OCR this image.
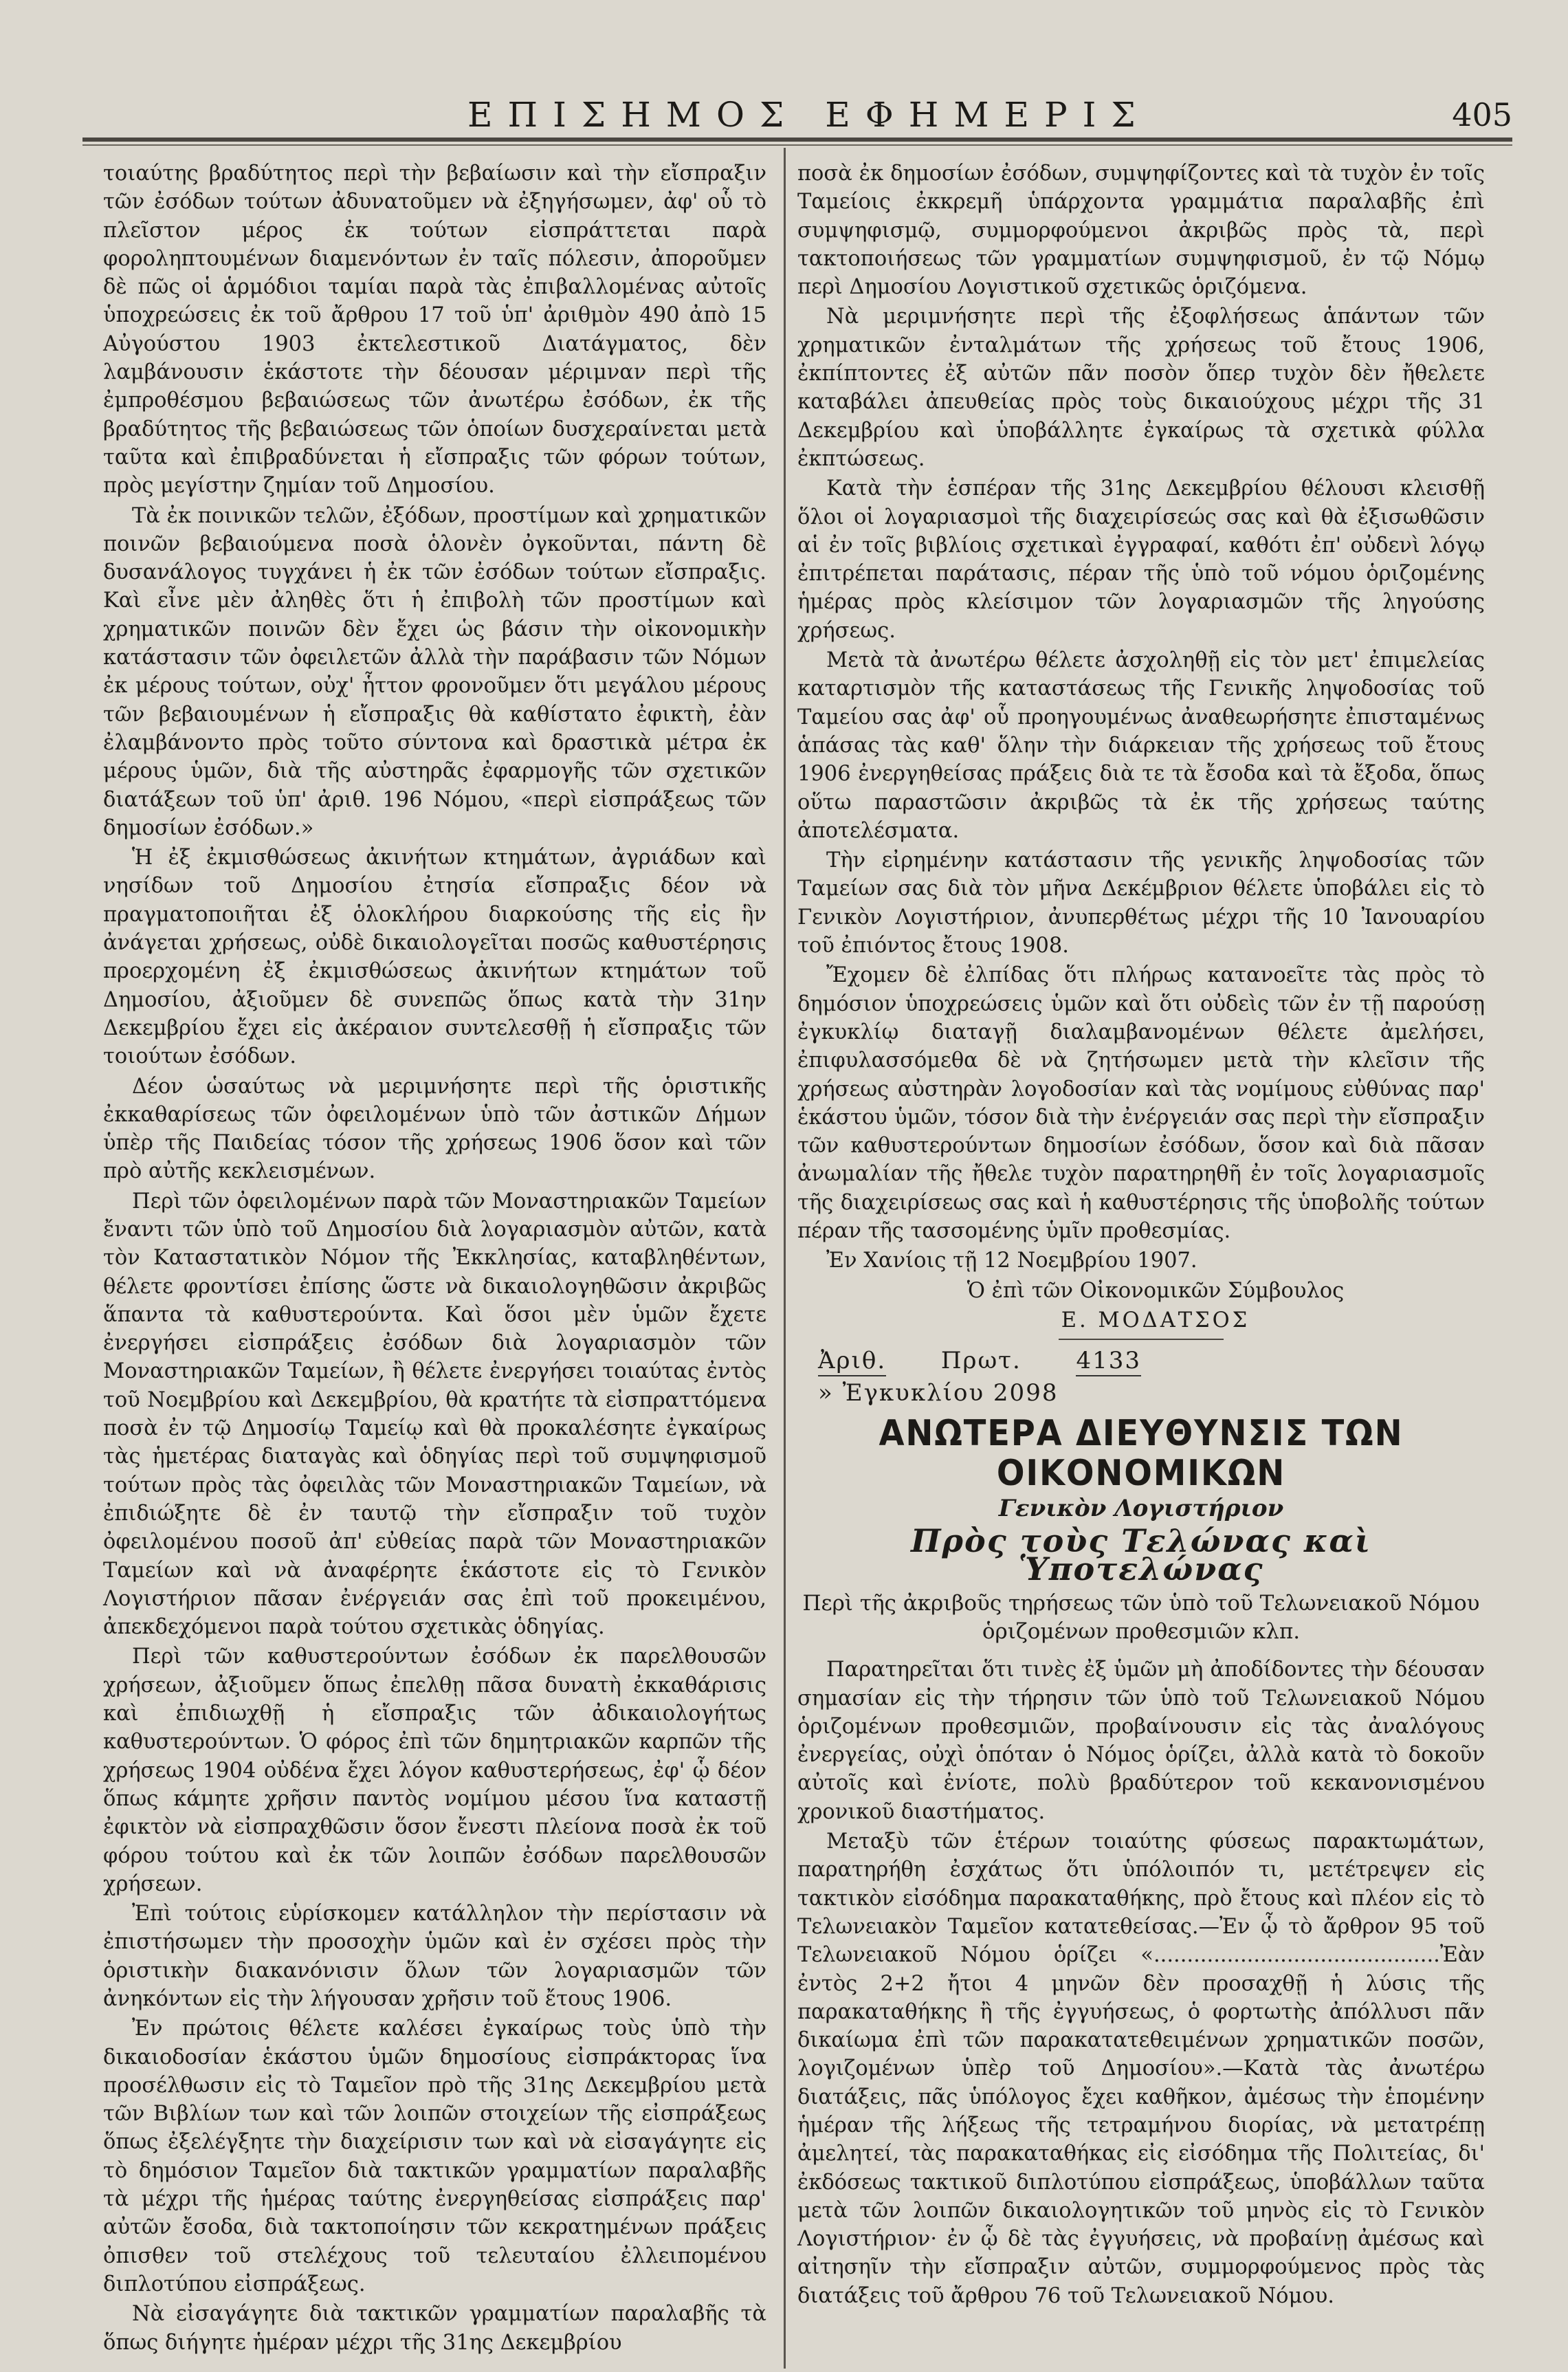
ΕΠΙΣΗΜΟΣ ΕΦΗΜΕΡΙΣ	405

τοιαύτης βραδύτητος περὶ τὴν βεβαίωσιν καὶ τὴν εἴσπραξιν τῶν ἐσόδων τούτων ἀδυνατοῦμεν νὰ ἐξηγήσωμεν, ἀφ' οὗ τὸ πλεῖστον μέρος ἐκ τούτων εἰσπράττεται παρὰ φοροληπτουμένων διαμενόντων ἐν ταῖς πόλεσιν, ἀποροῦμεν δὲ πῶς οἱ ἁρμόδιοι ταμίαι παρὰ τὰς ἐπιβαλλομένας αὐτοῖς ὑποχρεώσεις ἐκ τοῦ ἄρθρου 17 τοῦ ὑπ' ἀριθμὸν 490 ἀπὸ 15 Αὐγούστου 1903 ἐκτελεστικοῦ Διατάγματος, δὲν λαμβάνουσιν ἑκάστοτε τὴν δέουσαν μέριμναν περὶ τῆς ἐμπροθέσμου βεβαιώσεως τῶν ἀνωτέρω ἐσόδων, ἐκ τῆς βραδύτητος τῆς βεβαιώσεως τῶν ὁποίων δυσχεραίνεται μετὰ ταῦτα καὶ ἐπιβραδύνεται ἡ εἴσπραξις τῶν φόρων τούτων, πρὸς μεγίστην ζημίαν τοῦ Δημοσίου.

Τὰ ἐκ ποινικῶν τελῶν, ἐξόδων, προστίμων καὶ χρηματικῶν ποινῶν βεβαιούμενα ποσὰ ὁλονὲν ὀγκοῦνται, πάντη δὲ δυσανάλογος τυγχάνει ἡ ἐκ τῶν ἐσόδων τούτων εἴσπραξις. Καὶ εἶνε μὲν ἀληθὲς ὅτι ἡ ἐπιβολὴ τῶν προστίμων καὶ χρηματικῶν ποινῶν δὲν ἔχει ὡς βάσιν τὴν οἰκονομικὴν κατάστασιν τῶν ὀφειλετῶν ἀλλὰ τὴν παράβασιν τῶν Νόμων ἐκ μέρους τούτων, οὐχ' ἧττον φρονοῦμεν ὅτι μεγάλου μέρους τῶν βεβαιουμένων ἡ εἴσπραξις θὰ καθίστατο ἐφικτὴ, ἐὰν ἐλαμβάνοντο πρὸς τοῦτο σύντονα καὶ δραστικὰ μέτρα ἐκ μέρους ὑμῶν, διὰ τῆς αὐστηρᾶς ἐφαρμογῆς τῶν σχετικῶν διατάξεων τοῦ ὑπ' ἀριθ. 196 Νόμου, «περὶ εἰσπράξεως τῶν δημοσίων ἐσόδων.»

Ἡ ἐξ ἐκμισθώσεως ἀκινήτων κτημάτων, ἀγριάδων καὶ νησίδων τοῦ Δημοσίου ἐτησία εἴσπραξις δέον νὰ πραγματοποιῆται ἐξ ὁλοκλήρου διαρκούσης τῆς εἰς ἣν ἀνάγεται χρήσεως, οὐδὲ δικαιολογεῖται ποσῶς καθυστέρησις προερχομένη ἐξ ἐκμισθώσεως ἀκινήτων κτημάτων τοῦ Δημοσίου, ἀξιοῦμεν δὲ συνεπῶς ὅπως κατὰ τὴν 31ην Δεκεμβρίου ἔχει εἰς ἀκέραιον συντελεσθῇ ἡ εἴσπραξις τῶν τοιούτων ἐσόδων.

Δέον ὡσαύτως νὰ μεριμνήσητε περὶ τῆς ὁριστικῆς ἐκκαθαρίσεως τῶν ὀφειλομένων ὑπὸ τῶν ἀστικῶν Δήμων ὑπὲρ τῆς Παιδείας τόσον τῆς χρήσεως 1906 ὅσον καὶ τῶν πρὸ αὐτῆς κεκλεισμένων.

Περὶ τῶν ὀφειλομένων παρὰ τῶν Μοναστηριακῶν Ταμείων ἔναντι τῶν ὑπὸ τοῦ Δημοσίου διὰ λογαριασμὸν αὐτῶν, κατὰ τὸν Καταστατικὸν Νόμον τῆς Ἐκκλησίας, καταβληθέντων, θέλετε φροντίσει ἐπίσης ὥστε νὰ δικαιολογηθῶσιν ἀκριβῶς ἅπαντα τὰ καθυστερούντα. Καὶ ὅσοι μὲν ὑμῶν ἔχετε ἐνεργήσει εἰσπράξεις ἐσόδων διὰ λογαριασμὸν τῶν Μοναστηριακῶν Ταμείων, ἢ θέλετε ἐνεργήσει τοιαύτας ἐντὸς τοῦ Νοεμβρίου καὶ Δεκεμβρίου, θὰ κρατήτε τὰ εἰσπραττόμενα ποσὰ ἐν τῷ Δημοσίῳ Ταμείῳ καὶ θὰ προκαλέσητε ἐγκαίρως τὰς ἡμετέρας διαταγὰς καὶ ὁδηγίας περὶ τοῦ συμψηφισμοῦ τούτων πρὸς τὰς ὀφειλὰς τῶν Μοναστηριακῶν Ταμείων, νὰ ἐπιδιώξητε δὲ ἐν ταυτῷ τὴν εἴσπραξιν τοῦ τυχὸν ὀφειλομένου ποσοῦ ἀπ' εὐθείας παρὰ τῶν Μοναστηριακῶν Ταμείων καὶ νὰ ἀναφέρητε ἑκάστοτε εἰς τὸ Γενικὸν Λογιστήριον πᾶσαν ἐνέργειάν σας ἐπὶ τοῦ προκειμένου, ἀπεκδεχόμενοι παρὰ τούτου σχετικὰς ὁδηγίας.

Περὶ τῶν καθυστερούντων ἐσόδων ἐκ παρελθουσῶν χρήσεων, ἀξιοῦμεν ὅπως ἐπελθῃ πᾶσα δυνατὴ ἐκκαθάρισις καὶ ἐπιδιωχθῇ ἡ εἴσπραξις τῶν ἀδικαιολογήτως καθυστερούντων. Ὁ φόρος ἐπὶ τῶν δημητριακῶν καρπῶν τῆς χρήσεως 1904 οὐδένα ἔχει λόγον καθυστερήσεως, ἐφ' ᾧ δέον ὅπως κάμητε χρῆσιν παντὸς νομίμου μέσου ἵνα καταστῇ ἐφικτὸν νὰ εἰσπραχθῶσιν ὅσον ἔνεστι πλείονα ποσὰ ἐκ τοῦ φόρου τούτου καὶ ἐκ τῶν λοιπῶν ἐσόδων παρελθουσῶν χρήσεων.

Ἐπὶ τούτοις εὑρίσκομεν κατάλληλον τὴν περίστασιν νὰ ἐπιστήσωμεν τὴν προσοχὴν ὑμῶν καὶ ἐν σχέσει πρὸς τὴν ὁριστικὴν διακανόνισιν ὅλων τῶν λογαριασμῶν τῶν ἀνηκόντων εἰς τὴν λήγουσαν χρῆσιν τοῦ ἔτους 1906.

Ἐν πρώτοις θέλετε καλέσει ἐγκαίρως τοὺς ὑπὸ τὴν δικαιοδοσίαν ἑκάστου ὑμῶν δημοσίους εἰσπράκτορας ἵνα προσέλθωσιν εἰς τὸ Ταμεῖον πρὸ τῆς 31ης Δεκεμβρίου μετὰ τῶν Βιβλίων των καὶ τῶν λοιπῶν στοιχείων τῆς εἰσπράξεως ὅπως ἐξελέγξητε τὴν διαχείρισιν των καὶ νὰ εἰσαγάγητε εἰς τὸ δημόσιον Ταμεῖον διὰ τακτικῶν γραμματίων παραλαβῆς τὰ μέχρι τῆς ἡμέρας ταύτης ἐνεργηθείσας εἰσπράξεις παρ' αὐτῶν ἔσοδα, διὰ τακτοποίησιν τῶν κεκρατημένων πράξεις ὀπισθεν τοῦ στελέχους τοῦ τελευταίου ἐλλειπομένου διπλοτύπου εἰσπράξεως.

Νὰ εἰσαγάγητε διὰ τακτικῶν γραμματίων παραλαβῆς τὰ ὅπως διήγητε ἡμέραν μέχρι τῆς 31ης Δεκεμβρίου

ποσὰ ἐκ δημοσίων ἐσόδων, συμψηφίζοντες καὶ τὰ τυχὸν ἐν τοῖς Ταμείοις ἐκκρεμῆ ὑπάρχοντα γραμμάτια παραλαβῆς ἐπὶ συμψηφισμῷ, συμμορφούμενοι ἀκριβῶς πρὸς τὰ, περὶ τακτοποιήσεως τῶν γραμματίων συμψηφισμοῦ, ἐν τῷ Νόμῳ περὶ Δημοσίου Λογιστικοῦ σχετικῶς ὁριζόμενα.

Νὰ μεριμνήσητε περὶ τῆς ἐξοφλήσεως ἁπάντων τῶν χρηματικῶν ἐνταλμάτων τῆς χρήσεως τοῦ ἔτους 1906, ἐκπίπτοντες ἐξ αὐτῶν πᾶν ποσὸν ὅπερ τυχὸν δὲν ἤθελετε καταβάλει ἀπευθείας πρὸς τοὺς δικαιούχους μέχρι τῆς 31 Δεκεμβρίου καὶ ὑποβάλλητε ἐγκαίρως τὰ σχετικὰ φύλλα ἐκπτώσεως.

Κατὰ τὴν ἑσπέραν τῆς 31ης Δεκεμβρίου θέλουσι κλεισθῇ ὅλοι οἱ λογαριασμοὶ τῆς διαχειρίσεώς σας καὶ θὰ ἐξισωθῶσιν αἱ ἐν τοῖς βιβλίοις σχετικαὶ ἐγγραφαί, καθότι ἐπ' οὐδενὶ λόγῳ ἐπιτρέπεται παράτασις, πέραν τῆς ὑπὸ τοῦ νόμου ὁριζομένης ἡμέρας πρὸς κλείσιμον τῶν λογαριασμῶν τῆς ληγούσης χρήσεως.

Μετὰ τὰ ἀνωτέρω θέλετε ἀσχοληθῇ εἰς τὸν μετ' ἐπιμελείας καταρτισμὸν τῆς καταστάσεως τῆς Γενικῆς ληψοδοσίας τοῦ Ταμείου σας ἀφ' οὗ προηγουμένως ἀναθεωρήσητε ἐπισταμένως ἁπάσας τὰς καθ' ὅλην τὴν διάρκειαν τῆς χρήσεως τοῦ ἔτους 1906 ἐνεργηθείσας πράξεις διὰ τε τὰ ἔσοδα καὶ τὰ ἔξοδα, ὅπως οὕτω παραστῶσιν ἀκριβῶς τὰ ἐκ τῆς χρήσεως ταύτης ἀποτελέσματα.

Τὴν εἰρημένην κατάστασιν τῆς γενικῆς ληψοδοσίας τῶν Ταμείων σας διὰ τὸν μῆνα Δεκέμβριον θέλετε ὑποβάλει εἰς τὸ Γενικὸν Λογιστήριον, ἀνυπερθέτως μέχρι τῆς 10 Ἰανουαρίου τοῦ ἐπιόντος ἔτους 1908.

Ἔχομεν δὲ ἐλπίδας ὅτι πλήρως κατανοεῖτε τὰς πρὸς τὸ δημόσιον ὑποχρεώσεις ὑμῶν καὶ ὅτι οὐδεὶς τῶν ἐν τῇ παρούσῃ ἐγκυκλίῳ διαταγῇ διαλαμβανομένων θέλετε ἀμελήσει, ἐπιφυλασσόμεθα δὲ νὰ ζητήσωμεν μετὰ τὴν κλεῖσιν τῆς χρήσεως αὐστηρὰν λογοδοσίαν καὶ τὰς νομίμους εὐθύνας παρ' ἑκάστου ὑμῶν, τόσον διὰ τὴν ἐνέργειάν σας περὶ τὴν εἴσπραξιν τῶν καθυστερούντων δημοσίων ἐσόδων, ὅσον καὶ διὰ πᾶσαν ἀνωμαλίαν τῆς ἤθελε τυχὸν παρατηρηθῆ ἐν τοῖς λογαριασμοῖς τῆς διαχειρίσεως σας καὶ ἡ καθυστέρησις τῆς ὑποβολῆς τούτων πέραν τῆς τασσομένης ὑμῖν προθεσμίας.

Ἐν Χανίοις τῇ 12 Νοεμβρίου 1907.

Ὁ ἐπὶ τῶν Οἰκονομικῶν Σύμβουλος

Ε. ΜΟΔΑΤΣΟΣ

Ἀριθ. Πρωτ. 4133
» Ἐγκυκλίου 2098
ΑΝΩΤΕΡΑ ΔΙΕΥΘΥΝΣΙΣ ΤΩΝ ΟΙΚΟΝΟΜΙΚΩΝ
Γενικὸν Λογιστήριον
Πρὸς τοὺς Τελώνας καὶ Ὑποτελώνας
Περὶ τῆς ἀκριβοῦς τηρήσεως τῶν ὑπὸ τοῦ Τελωνειακοῦ Νόμου ὁριζομένων προθεσμιῶν κλπ.

Παρατηρεῖται ὅτι τινὲς ἐξ ὑμῶν μὴ ἀποδίδοντες τὴν δέουσαν σημασίαν εἰς τὴν τήρησιν τῶν ὑπὸ τοῦ Τελωνειακοῦ Νόμου ὁριζομένων προθεσμιῶν, προβαίνουσιν εἰς τὰς ἀναλόγους ἐνεργείας, οὐχὶ ὁπόταν ὁ Νόμος ὁρίζει, ἀλλὰ κατὰ τὸ δοκοῦν αὐτοῖς καὶ ἐνίοτε, πολὺ βραδύτερον τοῦ κεκανονισμένου χρονικοῦ διαστήματος.

Μεταξὺ τῶν ἑτέρων τοιαύτης φύσεως παρακτωμάτων, παρατηρήθη ἐσχάτως ὅτι ὑπόλοιπόν τι, μετέτρεψεν εἰς τακτικὸν εἰσόδημα παρακαταθήκης, πρὸ ἔτους καὶ πλέον εἰς τὸ Τελωνειακὸν Ταμεῖον κατατεθείσας.—Ἐν ᾧ τὸ ἄρθρον 95 τοῦ Τελωνειακοῦ Νόμου ὁρίζει «...........................................Ἐὰν ἐντὸς 2+2 ἤτοι 4 μηνῶν δὲν προσαχθῇ ἡ λύσις τῆς παρακαταθήκης ἢ τῆς ἐγγυήσεως, ὁ φορτωτὴς ἀπόλλυσι πᾶν δικαίωμα ἐπὶ τῶν παρακατατεθειμένων χρηματικῶν ποσῶν, λογιζομένων ὑπὲρ τοῦ Δημοσίου».—Κατὰ τὰς ἀνωτέρω διατάξεις, πᾶς ὑπόλογος ἔχει καθῆκον, ἀμέσως τὴν ἑπομένην ἡμέραν τῆς λήξεως τῆς τετραμήνου διορίας, νὰ μετατρέπῃ ἀμελητεί, τὰς παρακαταθήκας εἰς εἰσόδημα τῆς Πολιτείας, δι' ἐκδόσεως τακτικοῦ διπλοτύπου εἰσπράξεως, ὑποβάλλων ταῦτα μετὰ τῶν λοιπῶν δικαιολογητικῶν τοῦ μηνὸς εἰς τὸ Γενικὸν Λογιστήριον· ἐν ᾧ δὲ τὰς ἐγγυήσεις, νὰ προβαίνῃ ἀμέσως καὶ αἰτησηῖν τὴν εἴσπραξιν αὐτῶν, συμμορφούμενος πρὸς τὰς διατάξεις τοῦ ἄρθρου 76 τοῦ Τελωνειακοῦ Νόμου.
